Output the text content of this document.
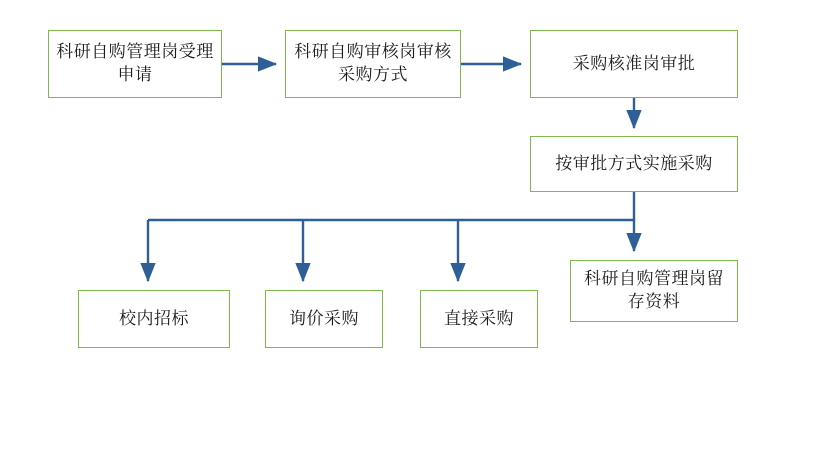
科研自购管理岗受理申请
科研自购审核岗审核采购方式
采购核准岗审批
按审批方式实施采购
校内招标	询价采购	直接采购
科研自购管理岗留存资料
